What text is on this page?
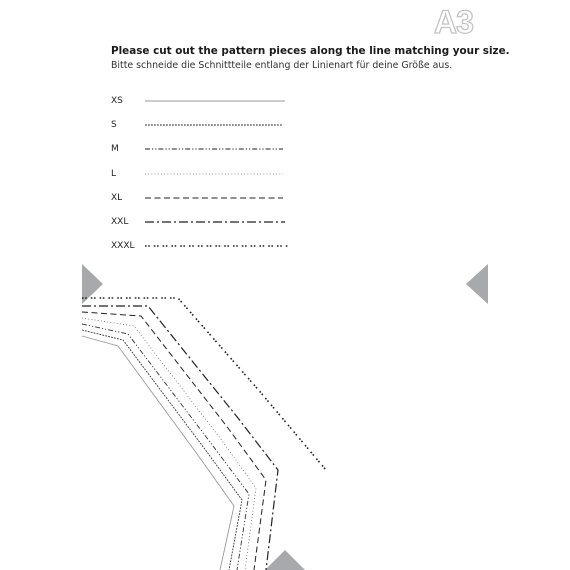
A3
Please cut out the pattern pieces along the line matching your size.
Bitte schneide die Schnittteile entlang der Linienart für deine Größe aus.
XS
S
M
L
XL
XXL
XXXL
